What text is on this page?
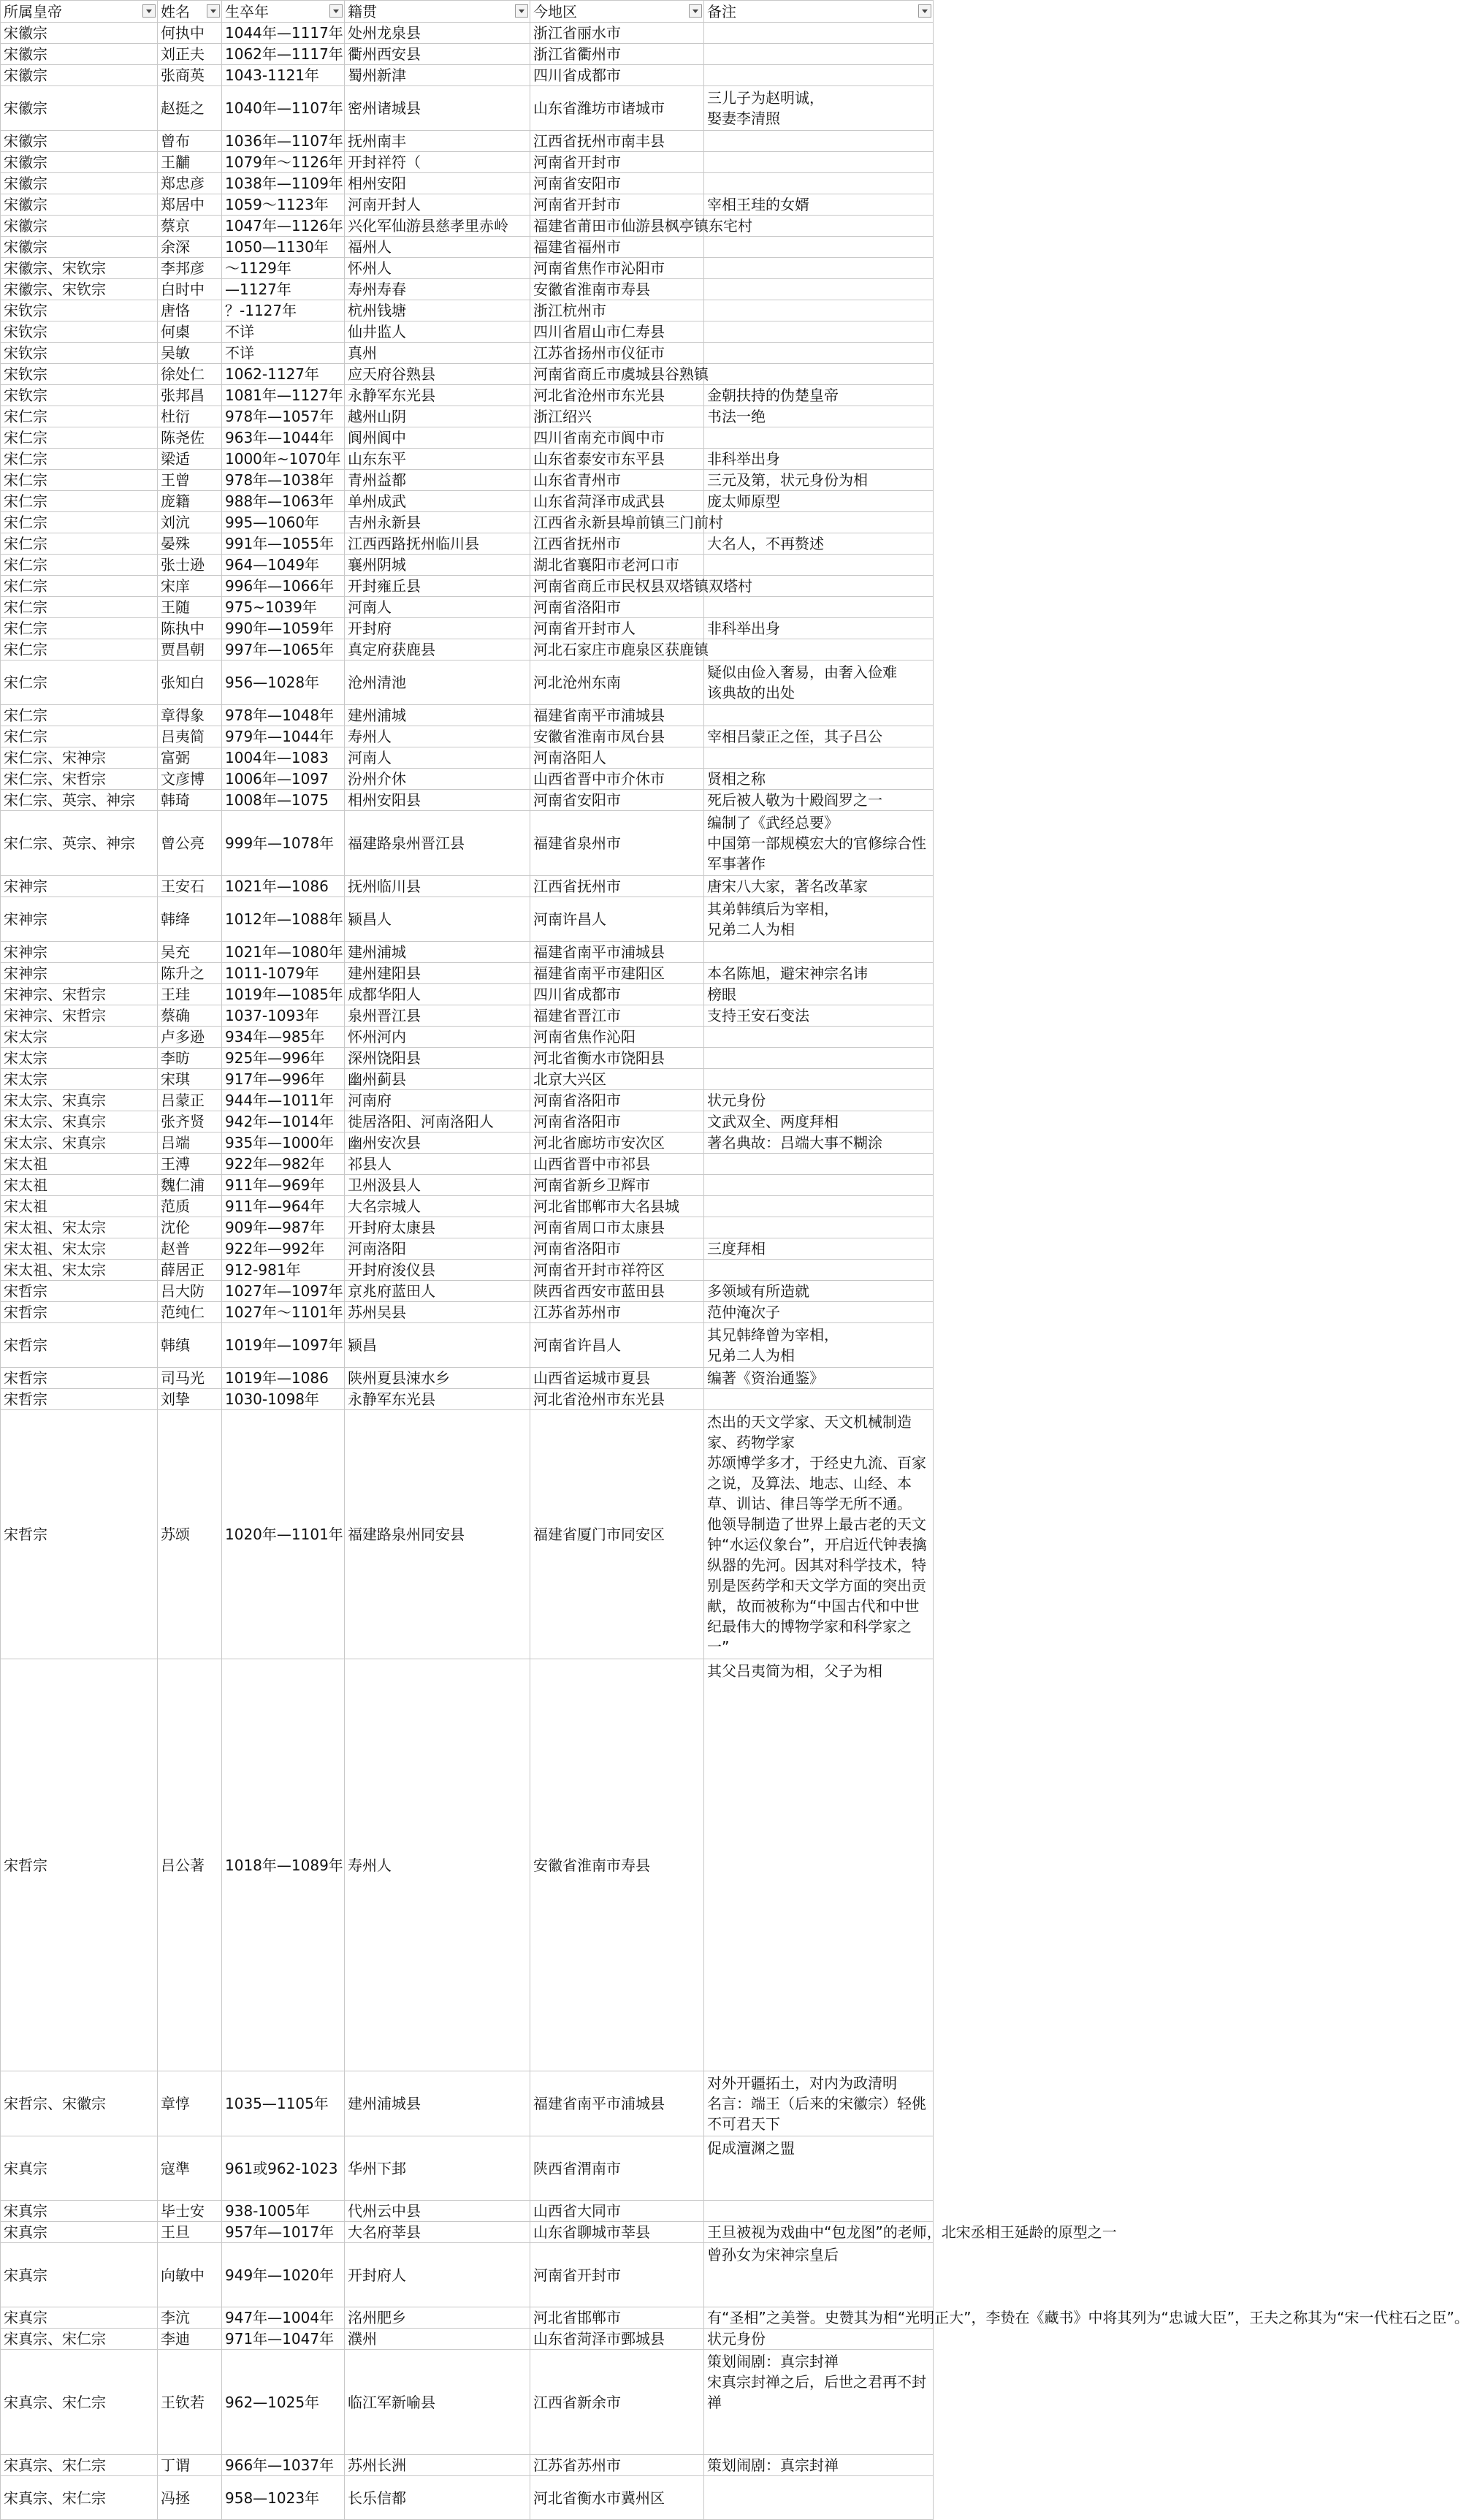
所属皇帝	姓名	生卒年	籍贯	今地区	备注

宋徽宗	何执中	1044年—1117年	处州龙泉县	浙江省丽水市	
宋徽宗	刘正夫	1062年—1117年	衢州西安县	浙江省衢州市	
宋徽宗	张商英	1043-1121年	蜀州新津	四川省成都市	
宋徽宗	赵挺之	1040年—1107年	密州诸城县	山东省潍坊市诸城市	三儿子为赵明诚，
娶妻李清照

宋徽宗	曾布	1036年—1107年	抚州南丰	江西省抚州市南丰县	
宋徽宗	王黼	1079年～1126年	开封祥符（	河南省开封市	
宋徽宗	郑忠彦	1038年—1109年	相州安阳	河南省安阳市	
宋徽宗	郑居中	1059～1123年	河南开封人	河南省开封市	宰相王珪的女婿
宋徽宗	蔡京	1047年—1126年	兴化军仙游县慈孝里赤岭	福建省莆田市仙游县枫亭镇东宅村	
宋徽宗	余深	1050—1130年	福州人	福建省福州市	
宋徽宗、宋钦宗	李邦彦	～1129年	怀州人	河南省焦作市沁阳市	
宋徽宗、宋钦宗	白时中	—1127年	寿州寿春	安徽省淮南市寿县	
宋钦宗	唐恪	？-1127年	杭州钱塘	浙江杭州市	
宋钦宗	何㮚	不详	仙井监人	四川省眉山市仁寿县	
宋钦宗	吴敏	不详	真州	江苏省扬州市仪征市	
宋钦宗	徐处仁	1062-1127年	应天府谷熟县	河南省商丘市虞城县谷熟镇	
宋钦宗	张邦昌	1081年—1127年	永静军东光县	河北省沧州市东光县	金朝扶持的伪楚皇帝
宋仁宗	杜衍	978年—1057年	越州山阴	浙江绍兴	书法一绝
宋仁宗	陈尧佐	963年—1044年	阆州阆中	四川省南充市阆中市	
宋仁宗	梁适	1000年~1070年	山东东平	山东省泰安市东平县	非科举出身
宋仁宗	王曾	978年—1038年	青州益都	山东省青州市	三元及第，状元身份为相
宋仁宗	庞籍	988年—1063年	单州成武	山东省菏泽市成武县	庞太师原型
宋仁宗	刘沆	995—1060年	吉州永新县	江西省永新县埠前镇三门前村	
宋仁宗	晏殊	991年—1055年	江西西路抚州临川县	江西省抚州市	大名人，不再赘述
宋仁宗	张士逊	964—1049年	襄州阴城	湖北省襄阳市老河口市	
宋仁宗	宋庠	996年—1066年	开封雍丘县	河南省商丘市民权县双塔镇双塔村	
宋仁宗	王随	975~1039年	河南人	河南省洛阳市	
宋仁宗	陈执中	990年—1059年	开封府	河南省开封市人	非科举出身
宋仁宗	贾昌朝	997年—1065年	真定府获鹿县	河北石家庄市鹿泉区获鹿镇	
宋仁宗	张知白	956—1028年	沧州清池	河北沧州东南	疑似由俭入奢易，由奢入俭难
该典故的出处

宋仁宗	章得象	978年—1048年	建州浦城	福建省南平市浦城县	
宋仁宗	吕夷简	979年—1044年	寿州人	安徽省淮南市凤台县	宰相吕蒙正之侄，其子吕公
宋仁宗、宋神宗	富弼	1004年—1083	河南人	河南洛阳人	
宋仁宗、宋哲宗	文彦博	1006年—1097	汾州介休	山西省晋中市介休市	贤相之称
宋仁宗、英宗、神宗	韩琦	1008年—1075	相州安阳县	河南省安阳市	死后被人敬为十殿阎罗之一
宋仁宗、英宗、神宗	曾公亮	999年—1078年	福建路泉州晋江县	福建省泉州市	编制了《武经总要》
中国第一部规模宏大的官修综合性军事著作

宋神宗	王安石	1021年—1086	抚州临川县	江西省抚州市	唐宋八大家，著名改革家
宋神宗	韩绛	1012年—1088年	颍昌人	河南许昌人	其弟韩缜后为宰相，
兄弟二人为相

宋神宗	吴充	1021年—1080年	建州浦城	福建省南平市浦城县	
宋神宗	陈升之	1011-1079年	建州建阳县	福建省南平市建阳区	本名陈旭，避宋神宗名讳
宋神宗、宋哲宗	王珪	1019年—1085年	成都华阳人	四川省成都市	榜眼
宋神宗、宋哲宗	蔡确	1037-1093年	泉州晋江县	福建省晋江市	支持王安石变法
宋太宗	卢多逊	934年—985年	怀州河内	河南省焦作沁阳	
宋太宗	李昉	925年—996年	深州饶阳县	河北省衡水市饶阳县	
宋太宗	宋琪	917年—996年	幽州蓟县	北京大兴区	
宋太宗、宋真宗	吕蒙正	944年—1011年	河南府	河南省洛阳市	状元身份
宋太宗、宋真宗	张齐贤	942年—1014年	徙居洛阳、河南洛阳人	河南省洛阳市	文武双全、两度拜相
宋太宗、宋真宗	吕端	935年—1000年	幽州安次县	河北省廊坊市安次区	著名典故：吕端大事不糊涂
宋太祖	王溥	922年—982年	祁县人	山西省晋中市祁县	
宋太祖	魏仁浦	911年—969年	卫州汲县人	河南省新乡卫辉市	
宋太祖	范质	911年—964年	大名宗城人	河北省邯郸市大名县城	
宋太祖、宋太宗	沈伦	909年—987年	开封府太康县	河南省周口市太康县	
宋太祖、宋太宗	赵普	922年—992年	河南洛阳	河南省洛阳市	三度拜相
宋太祖、宋太宗	薛居正	912-981年	开封府浚仪县	河南省开封市祥符区	
宋哲宗	吕大防	1027年—1097年	京兆府蓝田人	陕西省西安市蓝田县	多领域有所造就
宋哲宗	范纯仁	1027年～1101年	苏州吴县	江苏省苏州市	范仲淹次子
宋哲宗	韩缜	1019年—1097年	颍昌	河南省许昌人	其兄韩绛曾为宰相，
兄弟二人为相

宋哲宗	司马光	1019年—1086	陕州夏县涑水乡	山西省运城市夏县	编著《资治通鉴》
宋哲宗	刘挚	1030-1098年	永静军东光县	河北省沧州市东光县	
宋哲宗	苏颂	1020年—1101年	福建路泉州同安县	福建省厦门市同安区	杰出的天文学家、天文机械制造家、药物学家
苏颂博学多才，于经史九流、百家之说，及算法、地志、山经、本草、训诂、律吕等学无所不通。
他领导制造了世界上最古老的天文钟“水运仪象台”，开启近代钟表擒纵器的先河。因其对科学技术，特别是医药学和天文学方面的突出贡献，故而被称为“中国古代和中世纪最伟大的博物学家和科学家之一”

宋哲宗	吕公著	1018年—1089年	寿州人	安徽省淮南市寿县	其父吕夷简为相，父子为相
宋哲宗、宋徽宗	章惇	1035—1105年	建州浦城县	福建省南平市浦城县	对外开疆拓土，对内为政清明
名言：端王（后来的宋徽宗）轻佻不可君天下

宋真宗	寇準	961或962-1023	华州下邽	陕西省渭南市	促成澶渊之盟
宋真宗	毕士安	938-1005年	代州云中县	山西省大同市	
宋真宗	王旦	957年—1017年	大名府莘县	山东省聊城市莘县	王旦被视为戏曲中“包龙图”的老师，北宋丞相王延龄的原型之一
宋真宗	向敏中	949年—1020年	开封府人	河南省开封市	曾孙女为宋神宗皇后
宋真宗	李沆	947年—1004年	洺州肥乡	河北省邯郸市	有“圣相”之美誉。史赞其为相“光明正大”，李贽在《藏书》中将其列为“忠诚大臣”，王夫之称其为“宋一代柱石之臣”。
宋真宗、宋仁宗	李迪	971年—1047年	濮州	山东省菏泽市鄄城县	状元身份
宋真宗、宋仁宗	王钦若	962—1025年	临江军新喻县	江西省新余市	策划闹剧：真宗封禅
宋真宗封禅之后，后世之君再不封禅

宋真宗、宋仁宗	丁谓	966年—1037年	苏州长洲	江苏省苏州市	策划闹剧：真宗封禅
宋真宗、宋仁宗	冯拯	958—1023年	长乐信都	河北省衡水市冀州区	
